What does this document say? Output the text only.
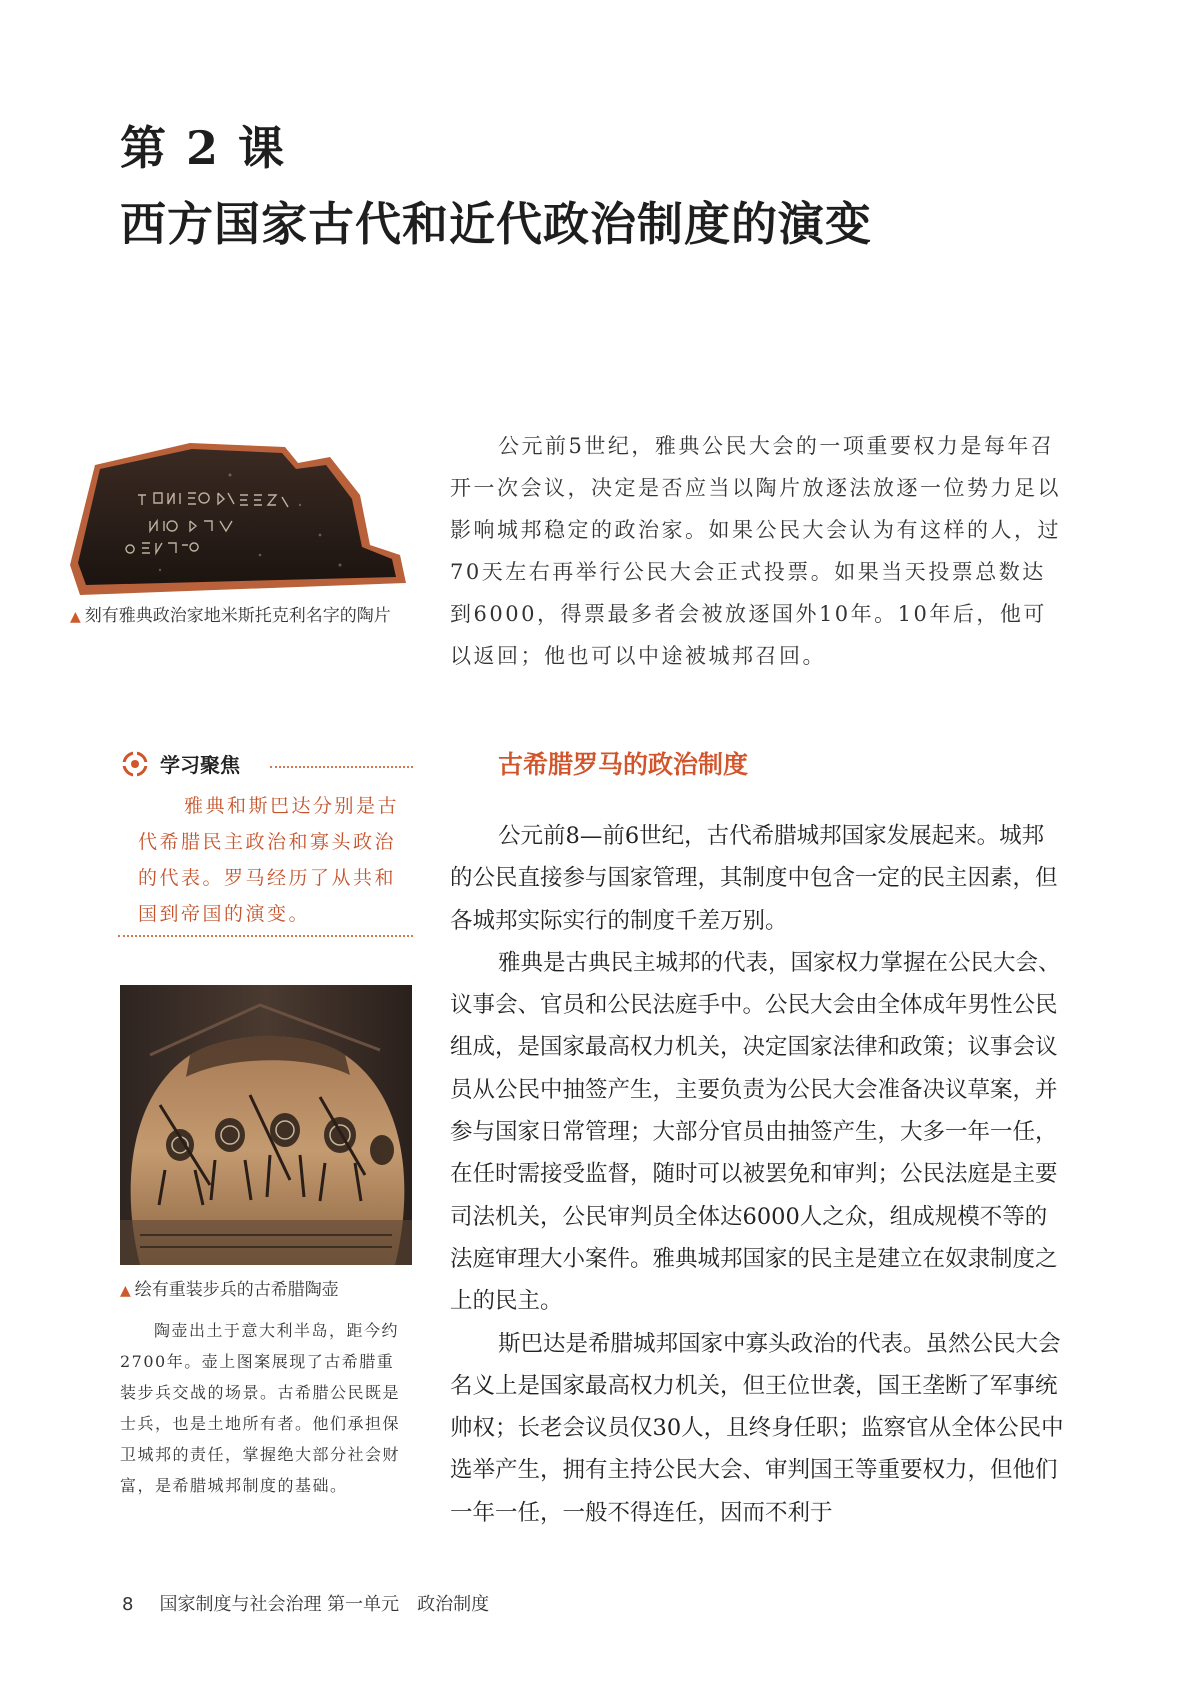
第 2 课
西方国家古代和近代政治制度的演变
▲ 刻有雅典政治家地米斯托克利名字的陶片

公元前5世纪，雅典公民大会的一项重要权力是每年召开一次会议，决定是否应当以陶片放逐法放逐一位势力足以影响城邦稳定的政治家。如果公民大会认为有这样的人，过70天左右再举行公民大会正式投票。如果当天投票总数达到6000，得票最多者会被放逐国外10年。10年后，他可以返回；他也可以中途被城邦召回。

学习聚焦

雅典和斯巴达分别是古代希腊民主政治和寡头政治的代表。罗马经历了从共和国到帝国的演变。

▲ 绘有重装步兵的古希腊陶壶

陶壶出土于意大利半岛，距今约2700年。壶上图案展现了古希腊重装步兵交战的场景。古希腊公民既是士兵，也是土地所有者。他们承担保卫城邦的责任，掌握绝大部分社会财富，是希腊城邦制度的基础。

古希腊罗马的政治制度

公元前8—前6世纪，古代希腊城邦国家发展起来。城邦的公民直接参与国家管理，其制度中包含一定的民主因素，但各城邦实际实行的制度千差万别。

雅典是古典民主城邦的代表，国家权力掌握在公民大会、议事会、官员和公民法庭手中。公民大会由全体成年男性公民组成，是国家最高权力机关，决定国家法律和政策；议事会议员从公民中抽签产生，主要负责为公民大会准备决议草案，并参与国家日常管理；大部分官员由抽签产生，大多一年一任，在任时需接受监督，随时可以被罢免和审判；公民法庭是主要司法机关，公民审判员全体达6000人之众，组成规模不等的法庭审理大小案件。雅典城邦国家的民主是建立在奴隶制度之上的民主。

斯巴达是希腊城邦国家中寡头政治的代表。虽然公民大会名义上是国家最高权力机关，但王位世袭，国王垄断了军事统帅权；长老会议员仅30人，且终身任职；监察官从全体公民中选举产生，拥有主持公民大会、审判国王等重要权力，但他们一年一任，一般不得连任，因而不利于

8 国家制度与社会治理 第一单元　政治制度
